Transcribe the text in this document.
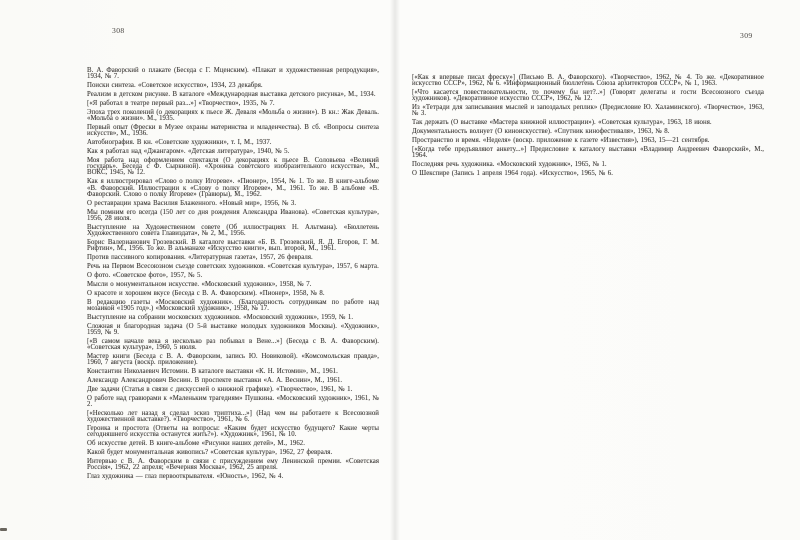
308
309

В. А. Фаворский о плакате (Беседа с Г. Мценским). «Плакат и художественная репродукция», 1934, № 7.

Поиски синтеза. «Советское искусство», 1934, 23 декабря.

Реализм в детском рисунке. В каталоге «Международная выставка детского рисунка», М., 1934.

[«Я работал в театре первый раз...»] «Творчество», 1935, № 7.

Эпоха трех поколений (о декорациях к пьесе Ж. Деваля «Мольба о жизни»). В кн.: Жак Деваль. «Мольба о жизни». М., 1935.

Первый опыт (Фрески в Музее охраны материнства и младенчества). В сб. «Вопросы синтеза искусств», М., 1936.

Автобиография. В кн. «Советские художники», т. I, М., 1937.

Как я работал над «Джангаром». «Детская литература», 1940, № 5.

Моя работа над оформлением спектакля (О декорациях к пьесе В. Соловьева «Великий государь». Беседа с Ф. Сыркиной). «Хроника советского изобразительного искусства», М., ВОКС, 1945, № 12.

Как я иллюстрировал «Слово о полку Игореве». «Пионер», 1954, № 1. То же. В книге-альбоме «В. Фаворский. Иллюстрации к «Слову о полку Игореве», М., 1961. То же. В альбоме «В. Фаворский. Слово о полку Игореве» (Гравюры), М., 1962.

О реставрации храма Василия Блаженного. «Новый мир», 1956, № 3.

Мы помним его всегда (150 лет со дня рождения Александра Иванова). «Советская культура», 1956, 28 июля.

Выступление на Художественном совете (Об иллюстрациях Н. Альтмана). «Бюллетень Художественного совета Главиздата», № 2, М., 1956.

Борис Валерианович Грозевский. В каталоге выставки «Б. В. Грозевский, Я. Д. Егоров, Г. М. Рифтин», М., 1956. То же. В альманахе «Искусство книги», вып. второй, М., 1961.

Против пассивного копирования. «Литературная газета», 1957, 26 февраля.

Речь на Первом Всесоюзном съезде советских художников. «Советская культура», 1957, 6 марта.

О фото. «Советское фото», 1957, № 5.

Мысли о монументальном искусстве. «Московский художник», 1958, № 7.

О красоте и хорошем вкусе (Беседа с В. А. Фаворским). «Пионер», 1958, № 8.

В редакцию газеты «Московский художник». (Благодарность сотрудникам по работе над мозаикой «1905 год».) «Московский художник», 1958, № 17.

Выступление на собрании московских художников. «Московский художник», 1959, № 1.

Сложная и благородная задача (О 5-й выставке молодых художников Москвы). «Художник», 1959, № 9.

[«В самом начале века я несколько раз побывал в Вене...»] (Беседа с В. А. Фаворским). «Советская культура», 1960, 5 июля.

Мастер книги (Беседа с В. А. Фаворским, запись Ю. Новиковой). «Комсомольская правда», 1960, 7 августа (воскр. приложение).

Константин Николаевич Истомин. В каталоге выставки «К. Н. Истомин», М., 1961.

Александр Александрович Веснин. В проспекте выставки «А. А. Веснин», М., 1961.

Две задачи (Статья в связи с дискуссией о книжной графике). «Творчество», 1961, № 1.

О работе над гравюрами к «Маленьким трагедиям» Пушкина. «Московский художник», 1961, № 2.

[«Несколько лет назад я сделал эскиз триптиха...»] (Над чем вы работаете к Всесоюзной художественной выставке?). «Творчество», 1961, № 6.

Героика и простота (Ответы на вопросы: «Каким будет искусство будущего? Какие черты сегодняшнего искусства останутся жить?»). «Художник», 1961, № 10.

Об искусстве детей. В книге-альбоме «Рисунки наших детей», М., 1962.

Какой будет монументальная живопись? «Советская культура», 1962, 27 февраля.

Интервью с В. А. Фаворским в связи с присуждением ему Ленинской премии. «Советская Россия», 1962, 22 апреля; «Вечерняя Москва», 1962, 25 апреля.

Глаз художника — глаз первооткрывателя. «Юность», 1962, № 4.

[«Как я впервые писал фреску»] (Письмо В. А. Фаворского). «Творчество», 1962, № 4. То же. «Декоративное искусство СССР», 1962, № 6. «Информационный бюллетень Союза архитекторов СССР», № 1, 1963.

[«Что касается повествовательности, то почему бы нет?..»] (Говорят делегаты и гости Всесоюзного съезда художников). «Декоративное искусство СССР», 1962, № 12.

Из «Тетради для записывания мыслей и запоздалых реплик» (Предисловие Ю. Халаминского). «Творчество», 1963, № 3.

Так держать (О выставке «Мастера книжной иллюстрации»). «Советская культура», 1963, 18 июня.

Документальность волнует (О киноискусстве). «Спутник кинофестиваля», 1963, № 8.

Пространство и время. «Неделя» (воскр. приложение к газете «Известия»), 1963, 15—21 сентября.

[«Когда тебе предъявляют анкету...»] Предисловие к каталогу выставки «Владимир Андреевич Фаворский», М., 1964.

Последняя речь художника. «Московский художник», 1965, № 1.

О Шекспире (Запись 1 апреля 1964 года). «Искусство», 1965, № 6.
